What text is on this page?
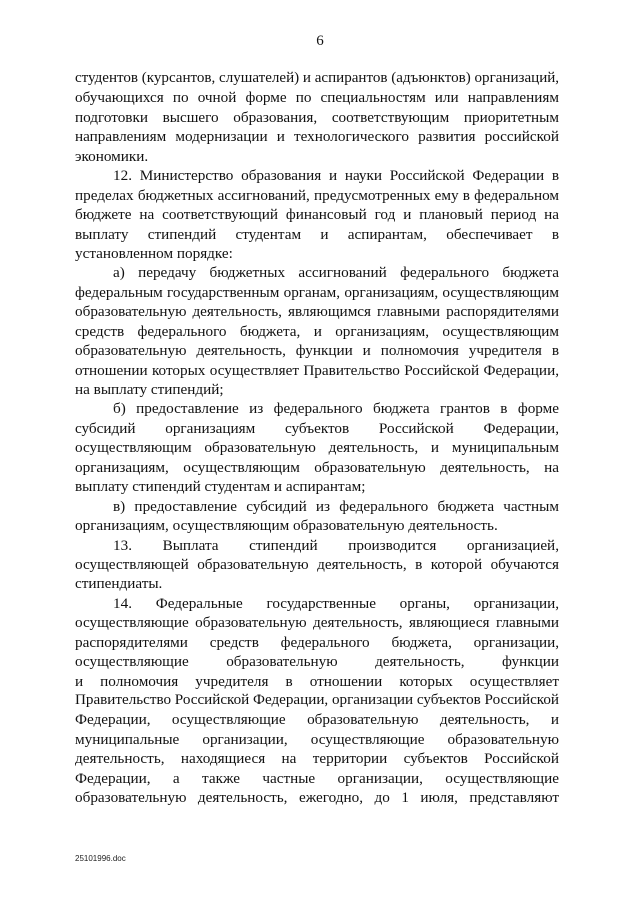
6
студентов (курсантов, слушателей) и аспирантов (адъюнктов) организаций,
обучающихся по очной форме по специальностям или направлениям
подготовки высшего образования, соответствующим приоритетным
направлениям модернизации и технологического развития российской
экономики.
12. Министерство образования и науки Российской Федерации в
пределах бюджетных ассигнований, предусмотренных ему в федеральном
бюджете на соответствующий финансовый год и плановый период на
выплату стипендий студентам и аспирантам, обеспечивает в
установленном порядке:
а) передачу бюджетных ассигнований федерального бюджета
федеральным государственным органам, организациям, осуществляющим
образовательную деятельность, являющимся главными распорядителями
средств федерального бюджета, и организациям, осуществляющим
образовательную деятельность, функции и полномочия учредителя в
отношении которых осуществляет Правительство Российской Федерации,
на выплату стипендий;
б) предоставление из федерального бюджета грантов в форме
субсидий организациям субъектов Российской Федерации,
осуществляющим образовательную деятельность, и муниципальным
организациям, осуществляющим образовательную деятельность, на
выплату стипендий студентам и аспирантам;
в) предоставление субсидий из федерального бюджета частным
организациям, осуществляющим образовательную деятельность.
13. Выплата стипендий производится организацией,
осуществляющей образовательную деятельность, в которой обучаются
стипендиаты.
14. Федеральные государственные органы, организации,
осуществляющие образовательную деятельность, являющиеся главными
распорядителями средств федерального бюджета, организации,
осуществляющие образовательную деятельность, функции
и полномочия учредителя в отношении которых осуществляет
Правительство Российской Федерации, организации субъектов Российской
Федерации, осуществляющие образовательную деятельность, и
муниципальные организации, осуществляющие образовательную
деятельность, находящиеся на территории субъектов Российской
Федерации, а также частные организации, осуществляющие
образовательную деятельность, ежегодно, до 1 июля, представляют
25101996.doc
